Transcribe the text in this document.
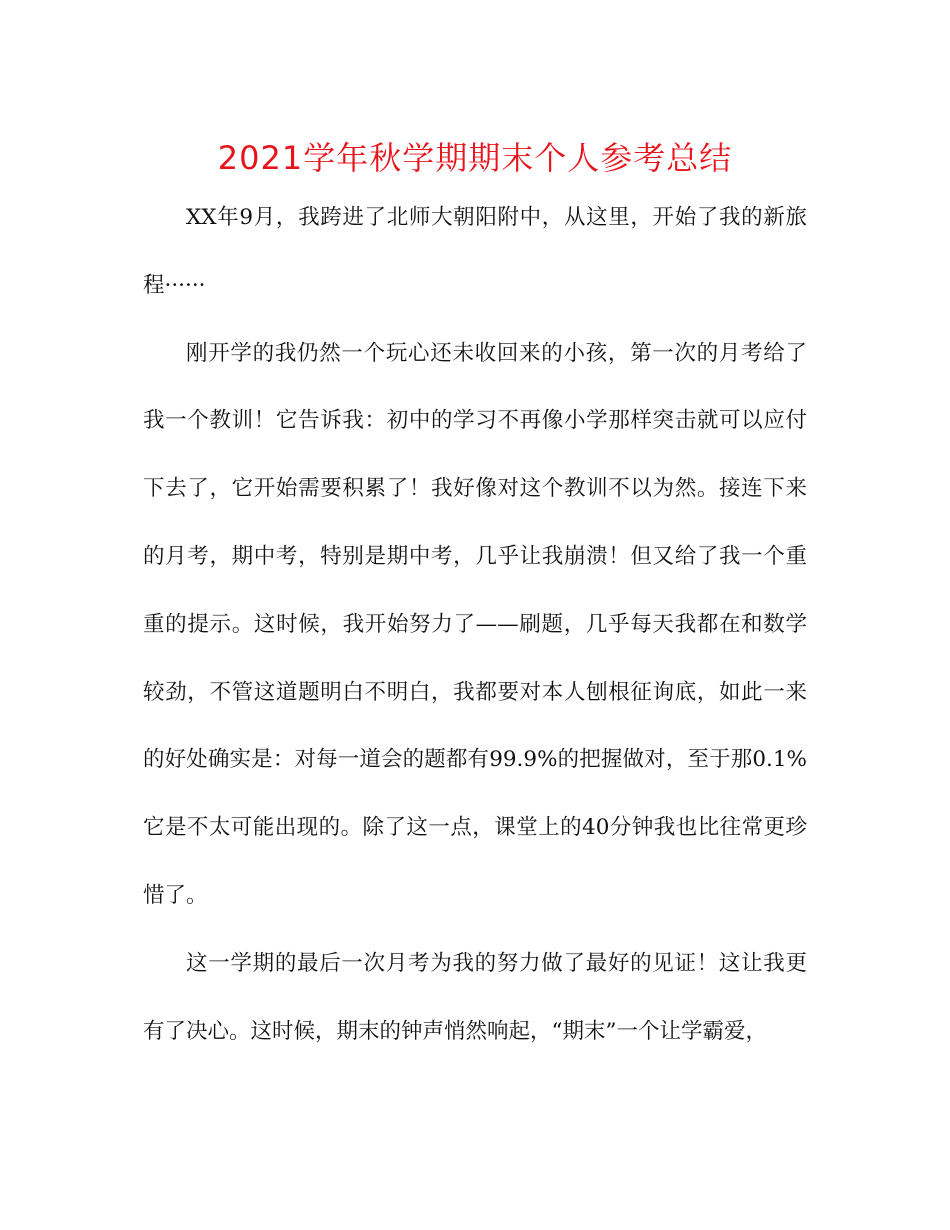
2021学年秋学期期末个人参考总结

XX年9月，我跨进了北师大朝阳附中，从这里，开始了我的新旅程······

刚开学的我仍然一个玩心还未收回来的小孩，第一次的月考给了我一个教训！它告诉我：初中的学习不再像小学那样突击就可以应付下去了，它开始需要积累了！我好像对这个教训不以为然。接连下来的月考，期中考，特别是期中考，几乎让我崩溃！但又给了我一个重重的提示。这时候，我开始努力了——刷题，几乎每天我都在和数学较劲，不管这道题明白不明白，我都要对本人刨根征询底，如此一来的好处确实是：对每一道会的题都有99.9%的把握做对，至于那0.1%它是不太可能出现的。除了这一点，课堂上的40分钟我也比往常更珍惜了。

这一学期的最后一次月考为我的努力做了最好的见证！这让我更有了决心。这时候，期末的钟声悄然响起，“期末”一个让学霸爱，
